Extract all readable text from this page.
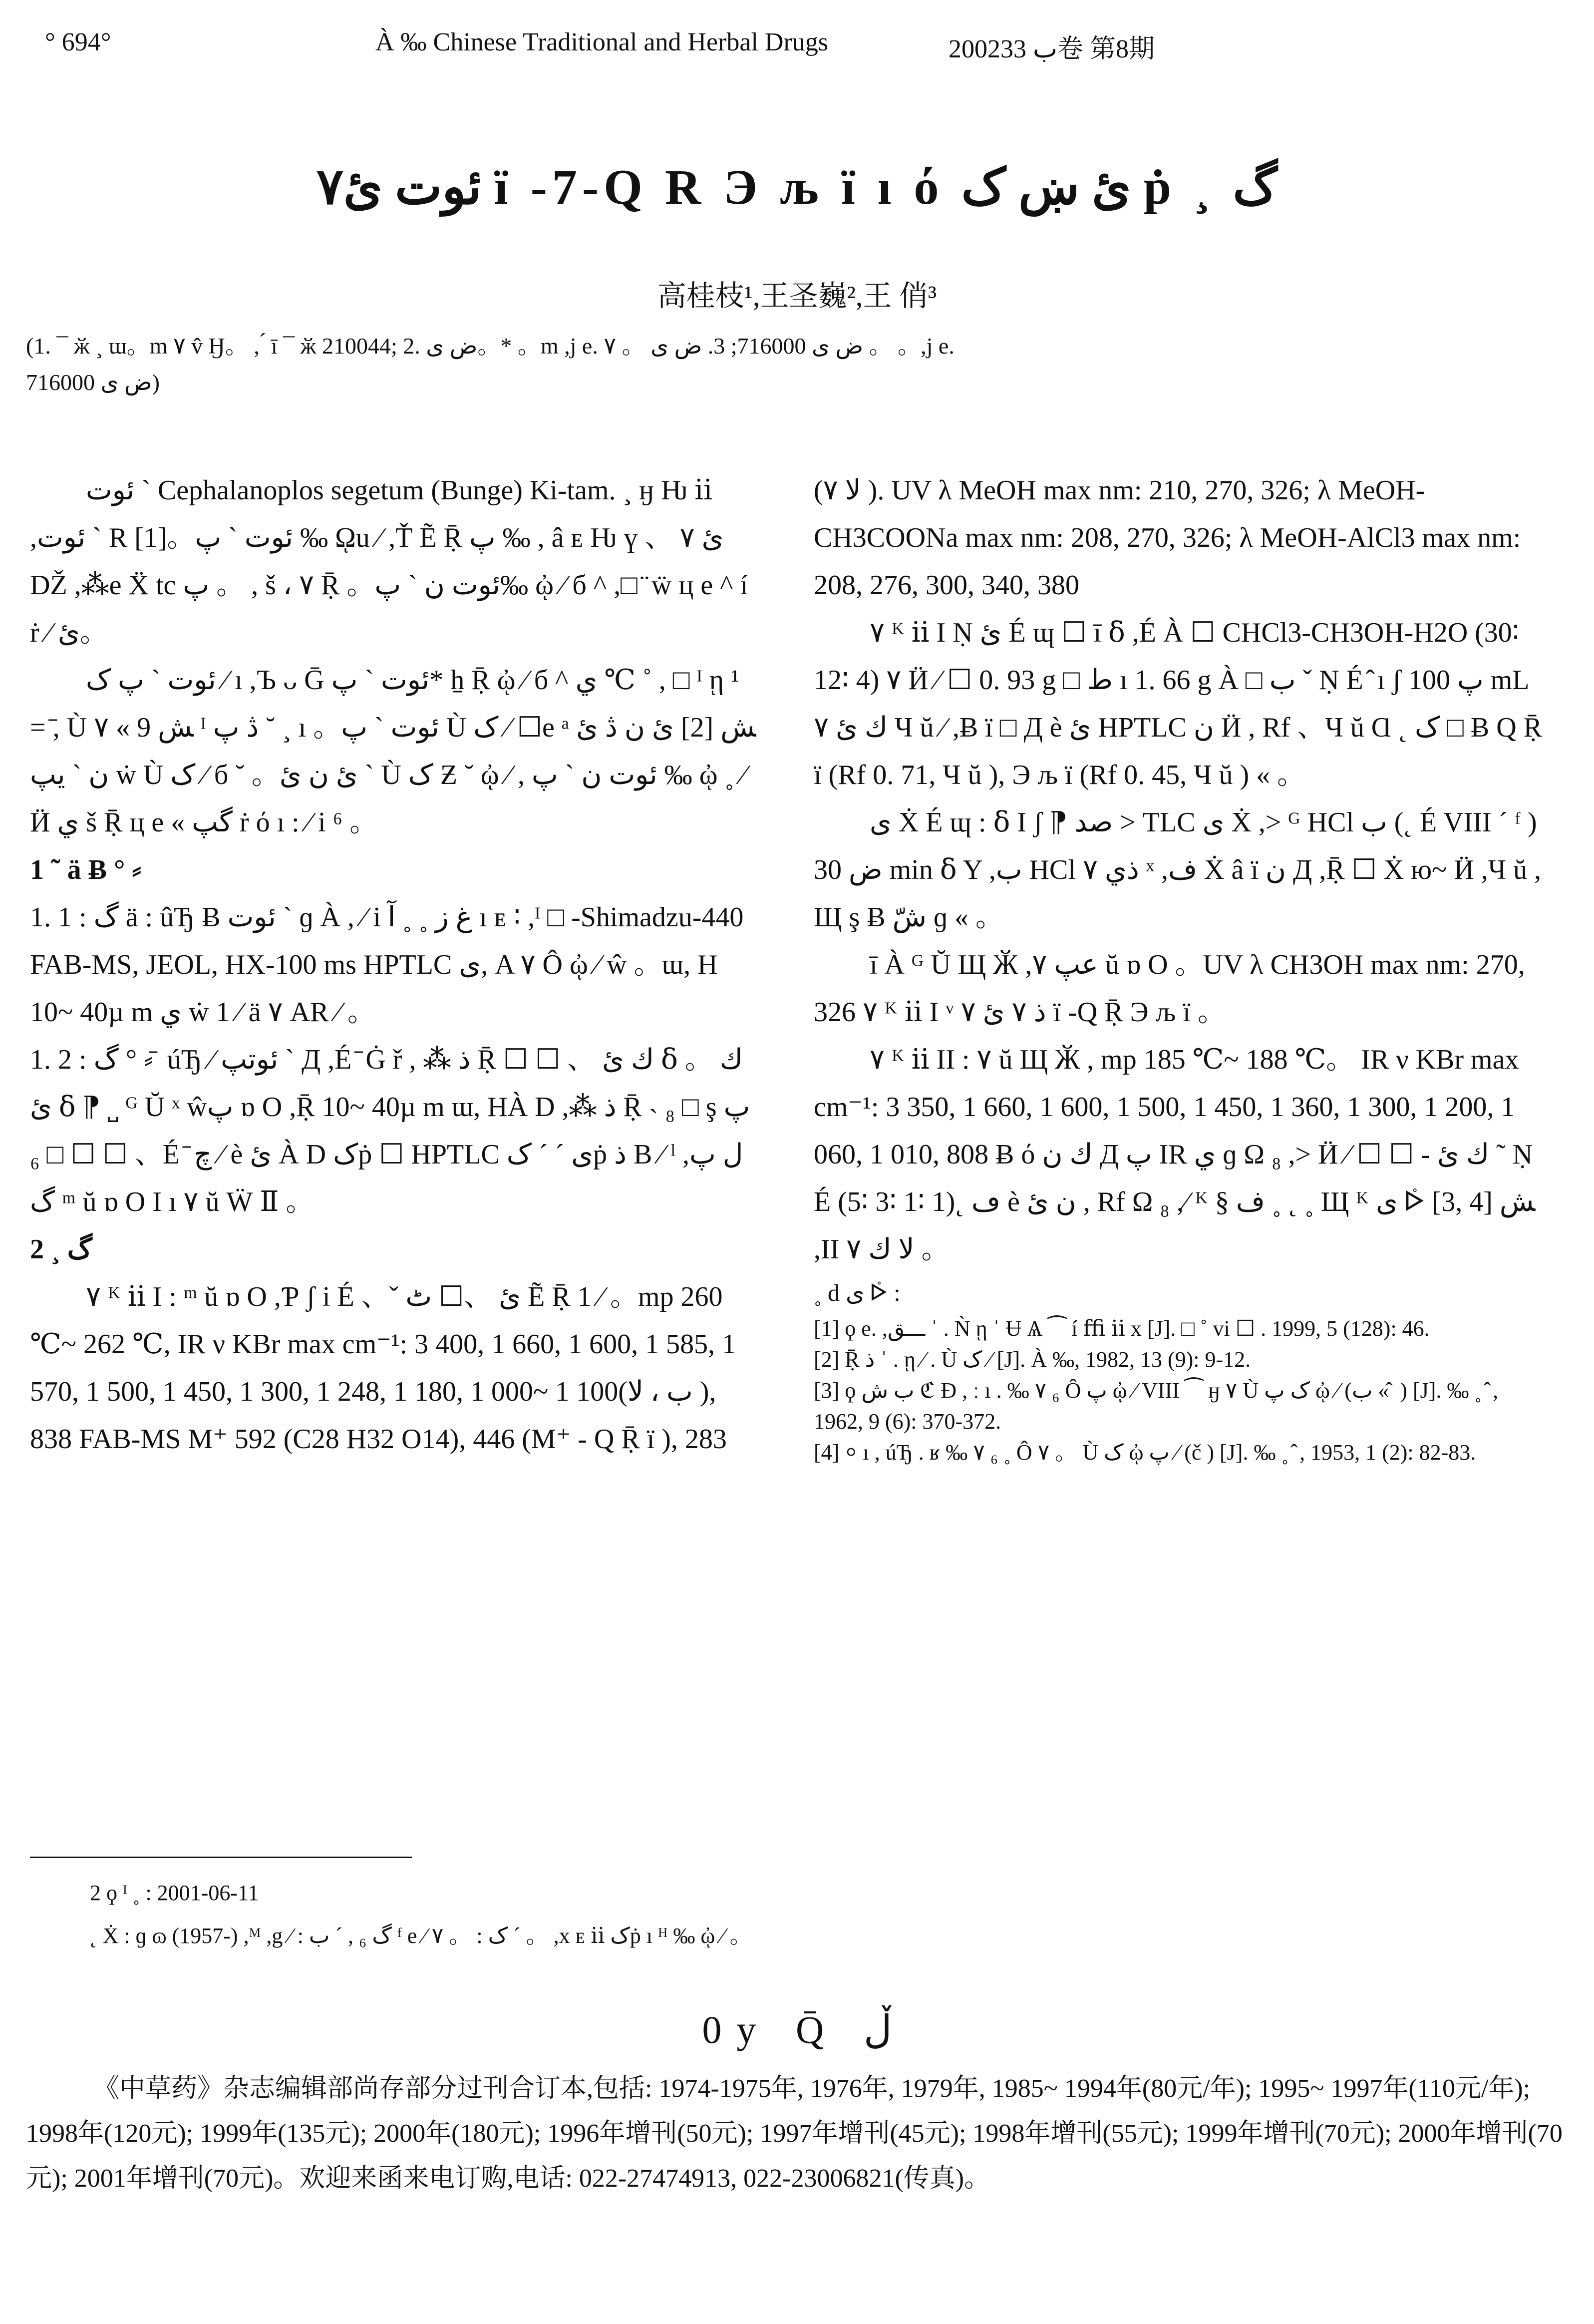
° 694°	À ‰ Chinese Traditional and Herbal Drugs	2002ب 33卷 第8期
ئوت ئ۷ ï -7-Q R Э љ ï ı ό ئ ښ ک ṗ ¸ گ
高桂枝¹,王圣巍²,王 俏³
(1. ¯ ӂ ¸ ɯ。m ۷ v̂ Ӈ。 , ́ ī ¯ ӂ 210044; 2. ض ی。* 。m ,j e. ض ی 716000; 3. ض ی 。 ۷ 。 。,j e.
ض ی 716000)

ئوت ` Cephalanoplos segetum (Bunge) Ki-tam. ¸ ӈ Ƕ ⅱ ,ئوت ` R [1]。ئوت ` پ ‰ ῼu ⁄ ,Ť Ẽ Ṝ پ ‰ , â ᴇ Ƕ ү 、 ۷ ئ Ǆ ,⁂e Ẍ tc پ 。 , š ، ۷ Ṝ 。ئوت ن ` پ‰ ᾠ ⁄ б ^ ,□ ̈ ẅ ц e ^ í ṙ ⁄ ئ。

ئوت ` پ ک ⁄ ı ,Ъ ᴗ Ḡ ئوت ` پ* ẖ Ṝ ᾠ ⁄ б ^ ي ℃ ˚ , □ ᴵ ῃ ¹ = ̄, Ù ۷ « ﺶ 9 ᴵ ڎ پ ˘ ¸ ı 。ئوت ` پ Ù ک ⁄ ☐e ᵃ ﺶ [2] ئ ن ڎ ئ ن ` يپ ẇ Ù ک ⁄ б ˘ 。ئ ن ئ ` Ù ک Ƶ ˘ ᾠ ⁄ , ئوت ن ` پ ‰ ᾠ ˳ ⁄ Ӥ ي š Ṝ ц e « گپ ṙ ό ı : ⁄ i ⁶ 。

1 ˜ ä Ƀ ° ⸗

1. 1 : گ ä : ûЂ Ƀ ئوت ` ɡ À , ⁄ i غ ز ˳ ˳ آ ı ᴇ ∶ ,ᴵ □ -Shimadzu-440 FAB-MS, JEOL, HX-100 ms HPTLC ی, A ۷ Ô ᾠ ⁄ ŵ 。ɯ, H 10~ 40µ m ي ẇ 1 ⁄ ä ۷ AR ⁄ 。

1. 2 : گ ° ⸗ ̄ úЂ ⁄ ئوتپ ` Д ,É ̄ Ġ ř , ⁂ ذ Ṝ ☐ ☐ 、 ك ئ ẟ 。 ك ئ ẟ ⁋ ˽ ᴳ Ŭ ˣ ŵپ ɒ O ,Ṝ 10~ 40µ m ɯ, HÀ D ,⁂ ذ Ṝ ˴ ₈ □ ş پ □ ₆ ☐ ☐ 、É ̄ چ ⁄ è ئ À D کṗ ☐ HPTLC ی ˊ ˊ کṗ ذ B ⁄ ˡ ل پ, گ ᵐ ŭ ɒ O I ı ۷ ŭ Ẅ Ⅱ 。

2 ¸ گ

۷ ᴷ ⅱ I : ᵐ ŭ ɒ O ,Ƥ ʃ i É 、ˇ ئ 、☐ ٹ Ẽ Ṝ 1 ⁄ 。mp 260 ℃~ 262 ℃, IR ν KBr max cm⁻¹: 3 400, 1 660, 1 600, 1 585, 1 570, 1 500, 1 450, 1 300, 1 248, 1 180, 1 000~ 1 100(ب ، لا ), 838 FAB-MS M⁺ 592 (C28 H32 O14), 446 (M⁺ - Q Ṝ ï ), 283

(۷ لا ). UV λ MeOH max nm: 210, 270, 326; λ MeOH-CH3COONa max nm: 208, 270, 326; λ MeOH-AlCl3 max nm: 208, 276, 300, 340, 380

۷ ᴷ ⅱ I Ṇ ئ É ɰ ☐ ī ẟ ,É À ☐ CHCl3-CH3OH-H2O (30∶ 12∶ 4) ۷ Ӥ ⁄ ☐ 0. 93 g □ ط ı 1. 66 g À □ ب ˇ Ṇ É ̂ ı ʃ پ 100 mL ك ئ ۷ Ч ŭ ⁄ ,Ƀ ï □ Д è ئ HPTLC ن Ӥ , Rf 、Ч ŭ Ɑ ˛ ک □ Ƀ Q Ṝ ï (Rf 0. 71, Ч ŭ ), Э љ ï (Rf 0. 45, Ч ŭ ) « 。

ی Ẋ É ɰ : ẟ I ʃ ⁋ صد > TLC ی Ẋ ,> ᴳ HCl ب (˛ É VIII ˊ ᶠ ) ض 30 min ẟ Y ,ب HCl ۷ ذي ˣ ,ف Ẋ â ï ن Д ,Ṝ ☐ Ẋ ю~ Ӥ ,Ч ŭ , Щ ş Ƀ شّ ɡ « 。

ī À ᴳ Ŭ Щ Ӂ ,عپ ۷ ŭ ɒ O 。UV λ CH3OH max nm: 270, 326 ۷ ᴷ ⅱ I ᵛ ذ ۷ ئ ۷ ï -Q Ṝ Э љ ï 。

۷ ᴷ ⅱ II : ۷ ŭ Щ Ӂ , mp 185 ℃~ 188 ℃。 IR ν KBr max cm⁻¹: 3 350, 1 660, 1 600, 1 500, 1 450, 1 360, 1 300, 1 200, 1 060, 1 010, 808 Ƀ ό ك ن Д پ IR ي ɡ Ω ₈ ,> Ӥ ⁄ ☐ ☐ - ك ئ ˜ Ṇ É (5∶ 3∶ 1∶ 1)˛ ڡ è ن ئ , Rf Ω ₈ ,⁄ ᴷ § ف ˳ ˛ ˳ Щ ᴷ ی ᢰ [3, 4] ﺶ ,II ۷ لا ك 。

˳ d ی ᢰ :

[1] ϙ e. ,ـــق ˈ . Ǹ ῃ ˈ Ʉ Ѧ ⁀ í ﬃ ⅱ x [J]. □ ˚ vi ☐ . 1999, 5 (128): 46.

[2] Ṝ ذ ˈ . ῃ ⁄ . Ù ک ⁄ [J]. À ‰, 1982, 13 (9): 9-12.

[3] ϙ ب ش ℭ Ɖ , ː ı . ‰ ۷ ₆ Ô پ ᾠ ⁄ VIII ⁀ ӈ ۷ Ù ک پ ᾠ ⁄ (ب « ̂ ) [J]. ‰ ˳ ̂ , 1962, 9 (6): 370-372.

[4] ⸰ ı , úЂ . ʁ ‰ ۷ ₆ ˳ Ô ۷ 。 Ù ک ᾠ پ ⁄ (č ) [J]. ‰ ˳ ̂ , 1953, 1 (2): 82-83.

2 ϙ ᴵ ˳ : 2001-06-11
˛ Ẋ : ɡ ɷ (1957-) ,ᴹ ,g ⁄ : گ ₆ , ˊ ب ᶠ e ⁄ ۷ 。 : ک ˊ 。 ,x ᴇ ⅱ کṗ ı ᴴ ‰ ᾠ ⁄ 。
0y Q̄ ڵ

《中草药》杂志编辑部尚存部分过刊合订本,包括: 1974-1975年, 1976年, 1979年, 1985~ 1994年(80元/年); 1995~ 1997年(110元/年); 1998年(120元); 1999年(135元); 2000年(180元); 1996年增刊(50元); 1997年增刊(45元); 1998年增刊(55元); 1999年增刊(70元); 2000年增刊(70元); 2001年增刊(70元)。欢迎来函来电订购,电话: 022-27474913, 022-23006821(传真)。
